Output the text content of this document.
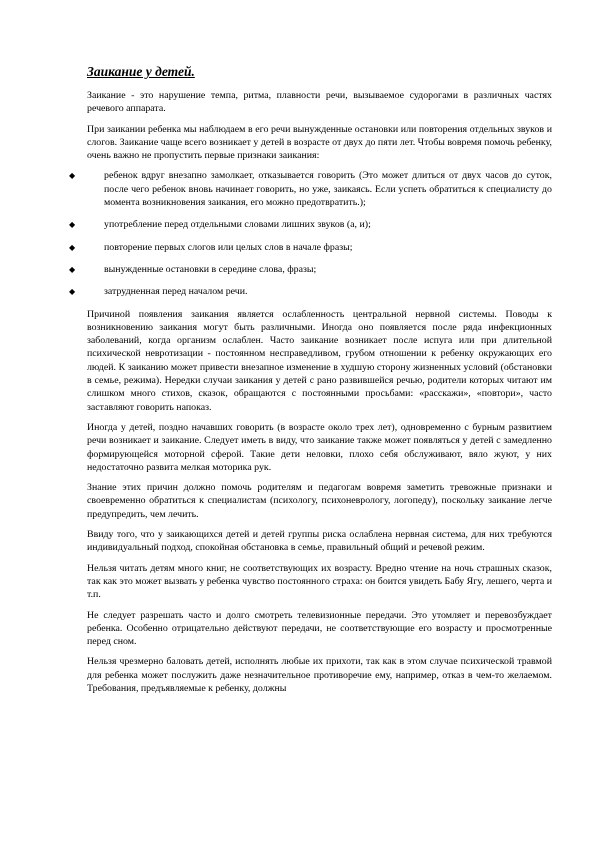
Заикание у детей.

Заикание - это нарушение темпа, ритма, плавности речи, вызываемое судорогами в различных частях речевого аппарата.

При заикании ребенка мы наблюдаем в его речи вынужденные остановки или повторения отдельных звуков и слогов. Заикание чаще всего возникает у детей в возрасте от двух до пяти лет. Чтобы вовремя помочь ребенку, очень важно не пропустить первые признаки заикания:

◆	ребенок вдруг внезапно замолкает, отказывается говорить (Это может длиться от двух часов до суток, после чего ребенок вновь начинает говорить, но уже, заикаясь. Если успеть обратиться к специалисту до момента возникновения заикания, его можно предотвратить.);

◆	употребление перед отдельными словами лишних звуков (а, и);

◆	повторение первых слогов или целых слов в начале фразы;

◆	вынужденные остановки в середине слова, фразы;

◆	затрудненная перед началом речи.

Причиной появления заикания является ослабленность центральной нервной системы. Поводы к возникновению заикания могут быть различными. Иногда оно появляется после ряда инфекционных заболеваний, когда организм ослаблен. Часто заикание возникает после испуга или при длительной психической невротизации - постоянном несправедливом, грубом отношении к ребенку окружающих его людей. К заиканию может привести внезапное изменение в худшую сторону жизненных условий (обстановки в семье, режима). Нередки случаи заикания у детей с рано развившейся речью, родители которых читают им слишком много стихов, сказок, обращаются с постоянными просьбами: «расскажи», «повтори», часто заставляют говорить напоказ.

Иногда у детей, поздно начавших говорить (в возрасте около трех лет), одновременно с бурным развитием речи возникает и заикание. Следует иметь в виду, что заикание также может появляться у детей с замедленно формирующейся моторной сферой. Такие дети неловки, плохо себя обслуживают, вяло жуют, у них недостаточно развита мелкая моторика рук.

Знание этих причин должно помочь родителям и педагогам вовремя заметить тревожные признаки и своевременно обратиться к специалистам (психологу, психоневрологу, логопеду), поскольку заикание легче предупредить, чем лечить.

Ввиду того, что у заикающихся детей и детей группы риска ослаблена нервная система, для них требуются индивидуальный подход, спокойная обстановка в семье, правильный общий и речевой режим.

Нельзя читать детям много книг, не соответствующих их возрасту. Вредно чтение на ночь страшных сказок, так как это может вызвать у ребенка чувство постоянного страха: он боится увидеть Бабу Ягу, лешего, черта и т.п.

Не следует разрешать часто и долго смотреть телевизионные передачи. Это утомляет и перевозбуждает ребенка. Особенно отрицательно действуют передачи, не соответствующие его возрасту и просмотренные перед сном.

Нельзя чрезмерно баловать детей, исполнять любые их прихоти, так как в этом случае психической травмой для ребенка может послужить даже незначительное противоречие ему, например, отказ в чем-то желаемом. Требования, предъявляемые к ребенку, должны
